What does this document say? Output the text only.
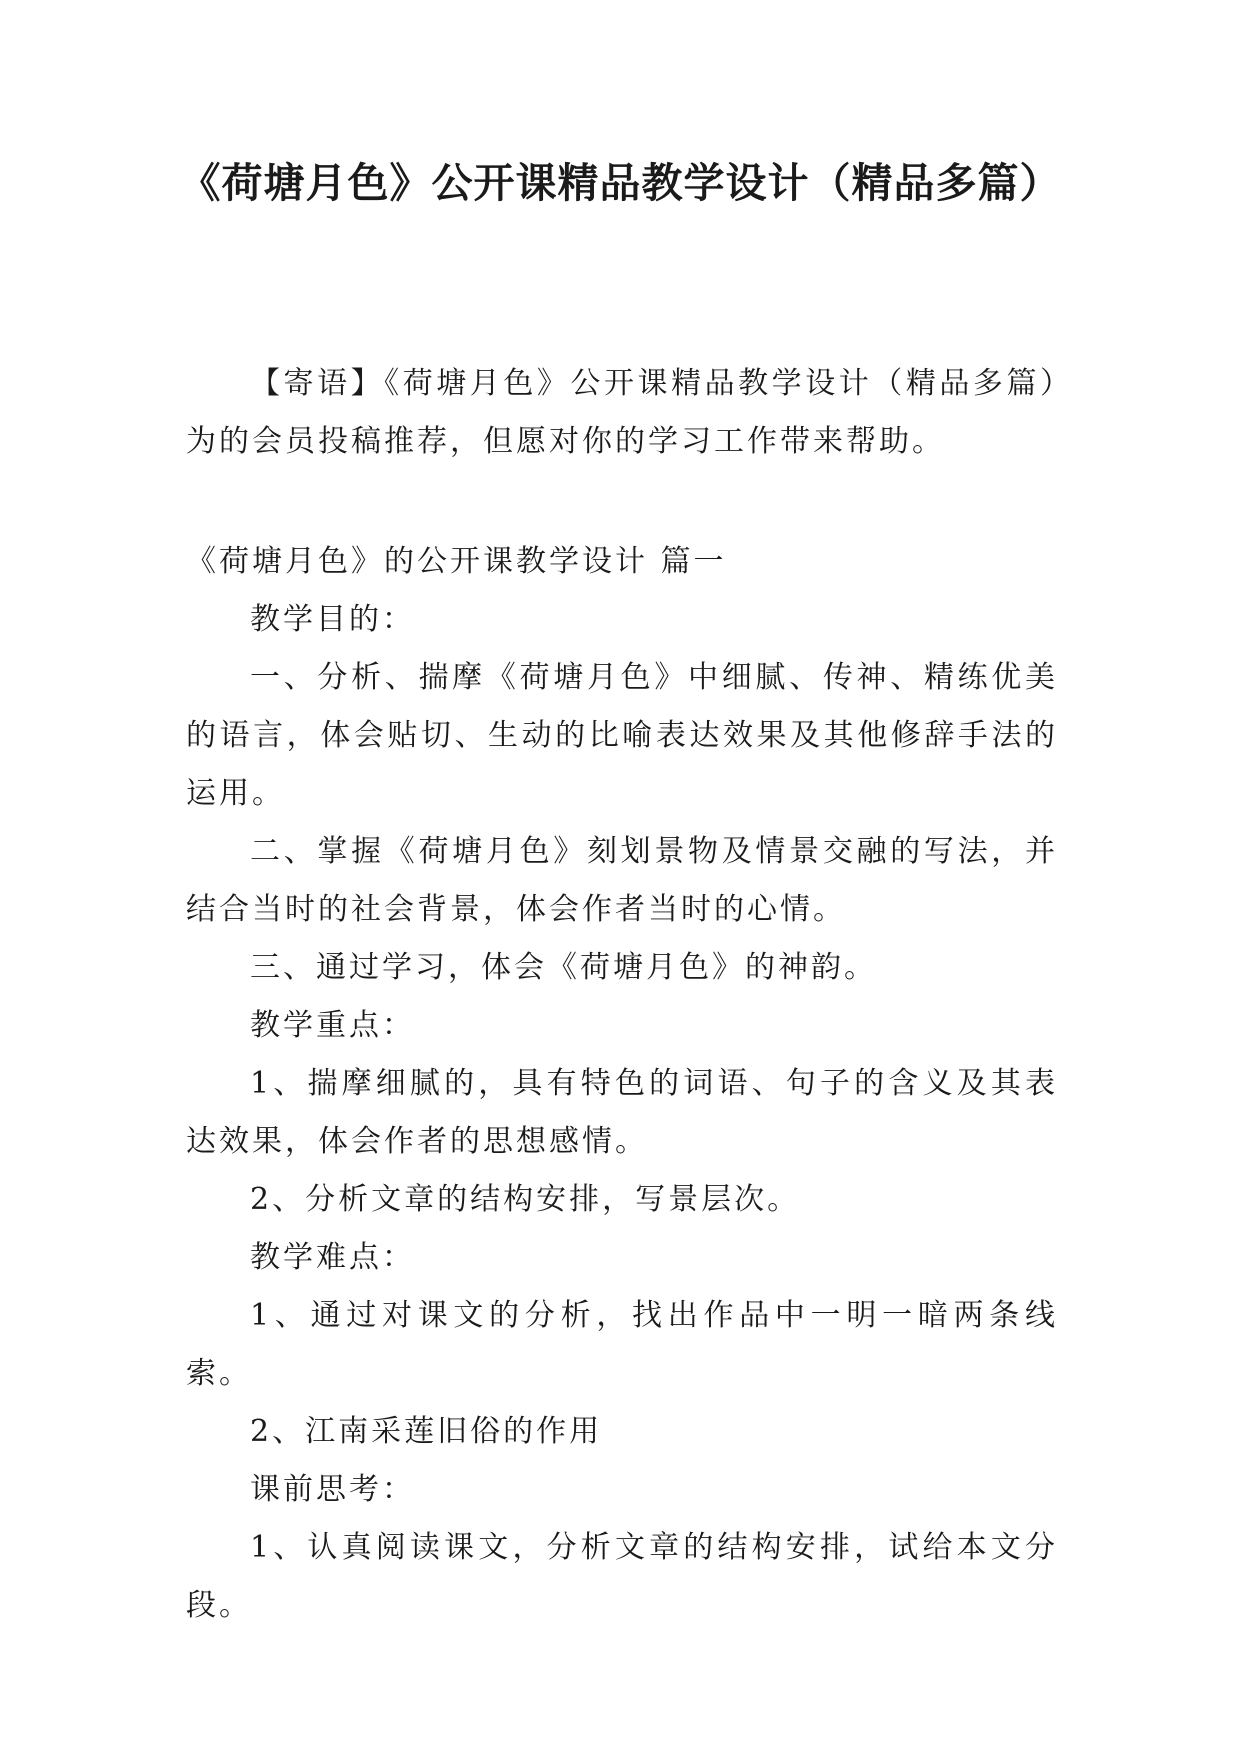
《荷塘月色》公开课精品教学设计（精品多篇）

【寄语】《荷塘月色》公开课精品教学设计（精品多篇）为的会员投稿推荐，但愿对你的学习工作带来帮助。

《荷塘月色》的公开课教学设计 篇一

教学目的：

一、分析、揣摩《荷塘月色》中细腻、传神、精练优美的语言，体会贴切、生动的比喻表达效果及其他修辞手法的运用。

二、掌握《荷塘月色》刻划景物及情景交融的写法，并结合当时的社会背景，体会作者当时的心情。

三、通过学习，体会《荷塘月色》的神韵。

教学重点：

1、揣摩细腻的，具有特色的词语、句子的含义及其表达效果，体会作者的思想感情。

2、分析文章的结构安排，写景层次。

教学难点：

1、通过对课文的分析，找出作品中一明一暗两条线索。

2、江南采莲旧俗的作用

课前思考：

1、认真阅读课文，分析文章的结构安排，试给本文分段。
